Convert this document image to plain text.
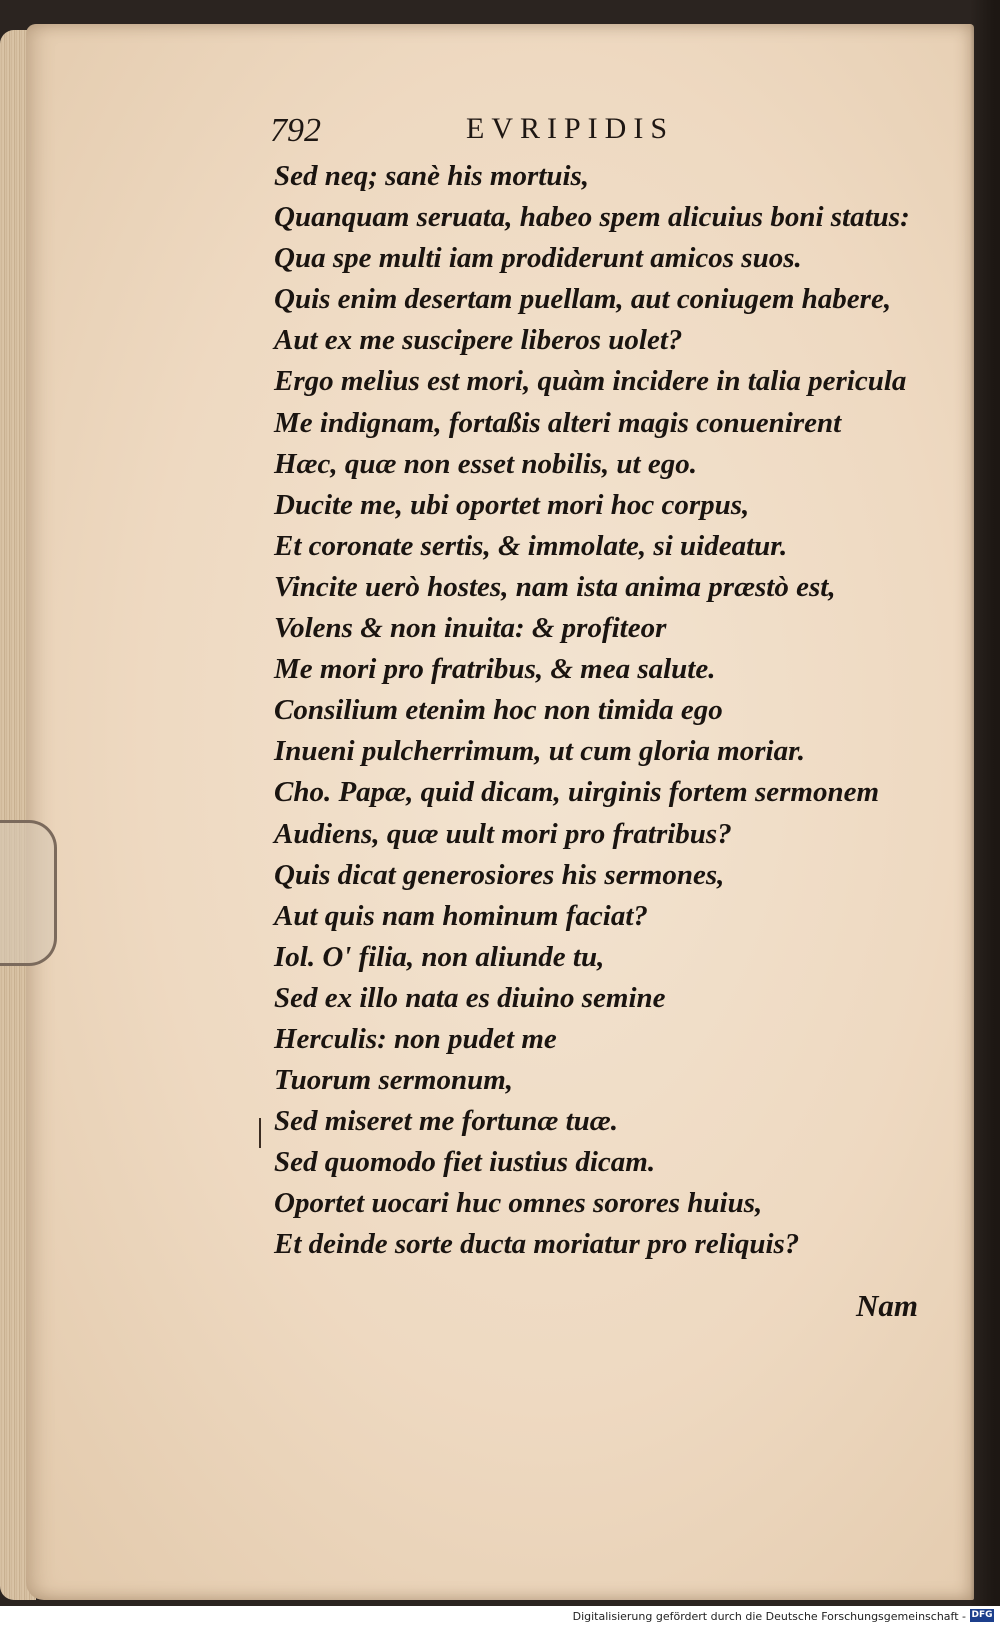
792	EVRIPIDIS
Sed neq; sanè his mortuis,
Quanquam seruata, habeo spem alicuius boni status:
Qua spe multi iam prodiderunt amicos suos.
Quis enim desertam puellam, aut coniugem habere,
Aut ex me suscipere liberos uolet?
Ergo melius est mori, quàm incidere in talia pericula
Me indignam, fortaßis alteri magis conuenirent
Hæc, quæ non esset nobilis, ut ego.
Ducite me, ubi oportet mori hoc corpus,
Et coronate sertis, & immolate, si uideatur.
Vincite uerò hostes, nam ista anima præstò est,
Volens & non inuita: & profiteor
Me mori pro fratribus, & mea salute.
Consilium etenim hoc non timida ego
Inueni pulcherrimum, ut cum gloria moriar.
Cho. Papæ, quid dicam, uirginis fortem sermonem
Audiens, quæ uult mori pro fratribus?
Quis dicat generosiores his sermones,
Aut quis nam hominum faciat?
Iol. O' filia, non aliunde tu,
Sed ex illo nata es diuino semine
Herculis: non pudet me
Tuorum sermonum,
Sed miseret me fortunæ tuæ.
Sed quomodo fiet iustius dicam.
Oportet uocari huc omnes sorores huius,
Et deinde sorte ducta moriatur pro reliquis?
Nam
Digitalisierung gefördert durch die Deutsche Forschungsgemeinschaft - DFG
